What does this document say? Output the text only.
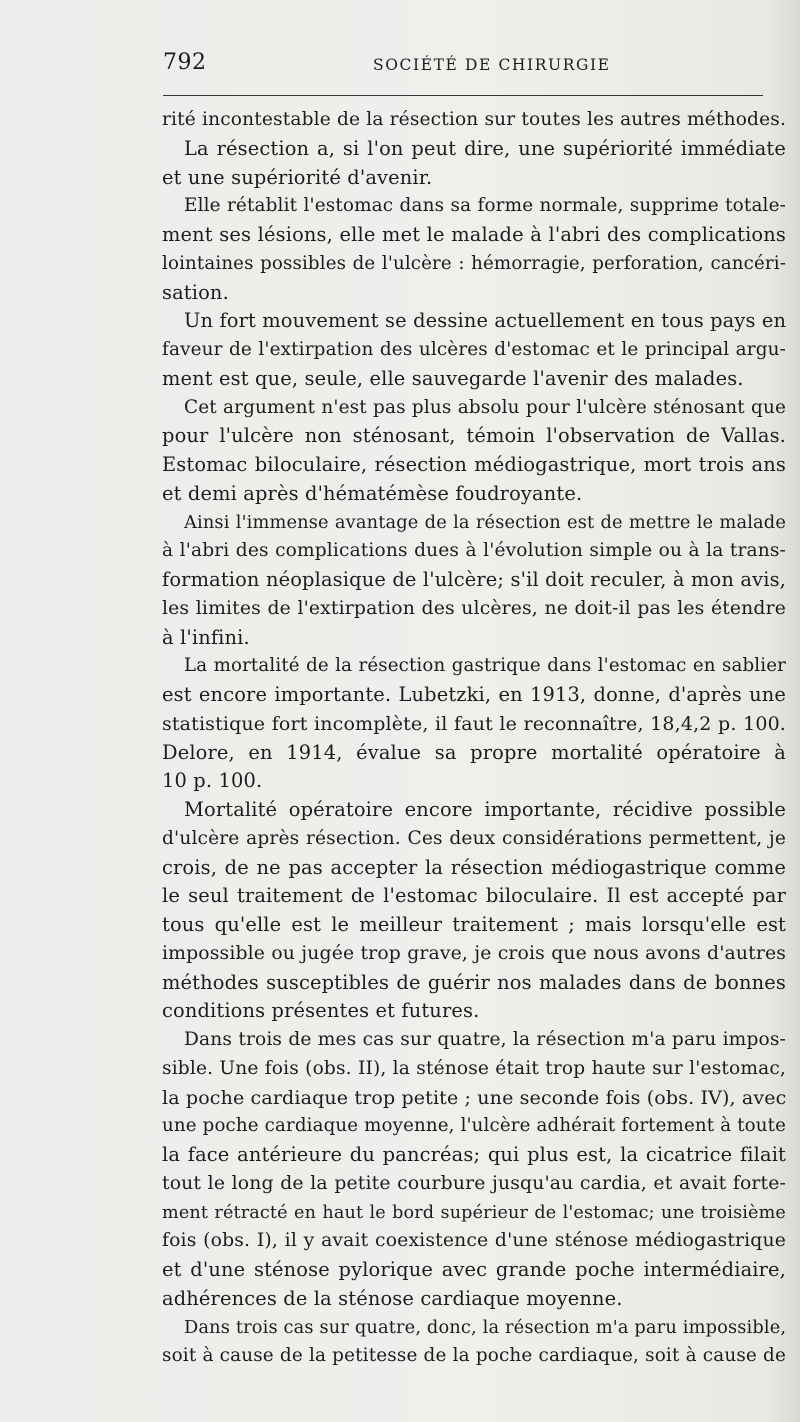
792	SOCIÉTÉ DE CHIRURGIE
rité incontestable de la résection sur toutes les autres méthodes.
La résection a, si l'on peut dire, une supériorité immédiate
et une supériorité d'avenir.
Elle rétablit l'estomac dans sa forme normale, supprime totale-
ment ses lésions, elle met le malade à l'abri des complications
lointaines possibles de l'ulcère : hémorragie, perforation, cancéri-
sation.
Un fort mouvement se dessine actuellement en tous pays en
faveur de l'extirpation des ulcères d'estomac et le principal argu-
ment est que, seule, elle sauvegarde l'avenir des malades.
Cet argument n'est pas plus absolu pour l'ulcère sténosant que
pour l'ulcère non sténosant, témoin l'observation de Vallas.
Estomac biloculaire, résection médiogastrique, mort trois ans
et demi après d'hématémèse foudroyante.
Ainsi l'immense avantage de la résection est de mettre le malade
à l'abri des complications dues à l'évolution simple ou à la trans-
formation néoplasique de l'ulcère; s'il doit reculer, à mon avis,
les limites de l'extirpation des ulcères, ne doit-il pas les étendre
à l'infini.
La mortalité de la résection gastrique dans l'estomac en sablier
est encore importante. Lubetzki, en 1913, donne, d'après une
statistique fort incomplète, il faut le reconnaître, 18,4,2 p. 100.
Delore, en 1914, évalue sa propre mortalité opératoire à
10 p. 100.
Mortalité opératoire encore importante, récidive possible
d'ulcère après résection. Ces deux considérations permettent, je
crois, de ne pas accepter la résection médiogastrique comme
le seul traitement de l'estomac biloculaire. Il est accepté par
tous qu'elle est le meilleur traitement ; mais lorsqu'elle est
impossible ou jugée trop grave, je crois que nous avons d'autres
méthodes susceptibles de guérir nos malades dans de bonnes
conditions présentes et futures.
Dans trois de mes cas sur quatre, la résection m'a paru impos-
sible. Une fois (obs. II), la sténose était trop haute sur l'estomac,
la poche cardiaque trop petite ; une seconde fois (obs. IV), avec
une poche cardiaque moyenne, l'ulcère adhérait fortement à toute
la face antérieure du pancréas; qui plus est, la cicatrice filait
tout le long de la petite courbure jusqu'au cardia, et avait forte-
ment rétracté en haut le bord supérieur de l'estomac; une troisième
fois (obs. I), il y avait coexistence d'une sténose médiogastrique
et d'une sténose pylorique avec grande poche intermédiaire,
adhérences de la sténose cardiaque moyenne.
Dans trois cas sur quatre, donc, la résection m'a paru impossible,
soit à cause de la petitesse de la poche cardiaque, soit à cause de
